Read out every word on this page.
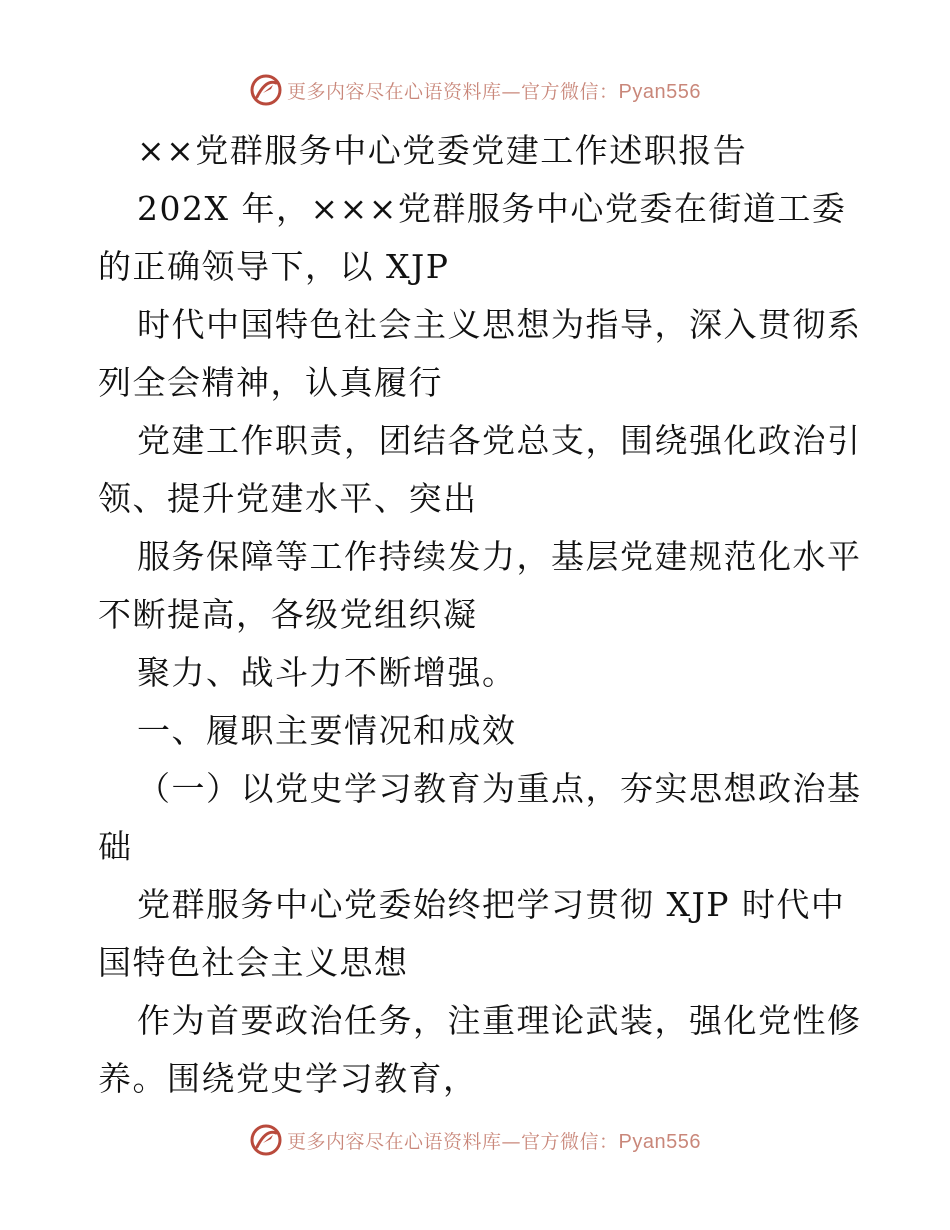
更多内容尽在心语资料库—官方微信：Pyan556
××党群服务中心党委党建工作述职报告
202X 年，×××党群服务中心党委在街道工委
的正确领导下，以 XJP
时代中国特色社会主义思想为指导，深入贯彻系
列全会精神，认真履行
党建工作职责，团结各党总支，围绕强化政治引
领、提升党建水平、突出
服务保障等工作持续发力，基层党建规范化水平
不断提高，各级党组织凝
聚力、战斗力不断增强。
一、履职主要情况和成效
（一）以党史学习教育为重点，夯实思想政治基
础
党群服务中心党委始终把学习贯彻 XJP 时代中
国特色社会主义思想
作为首要政治任务，注重理论武装，强化党性修
养。围绕党史学习教育，
更多内容尽在心语资料库—官方微信：Pyan556
